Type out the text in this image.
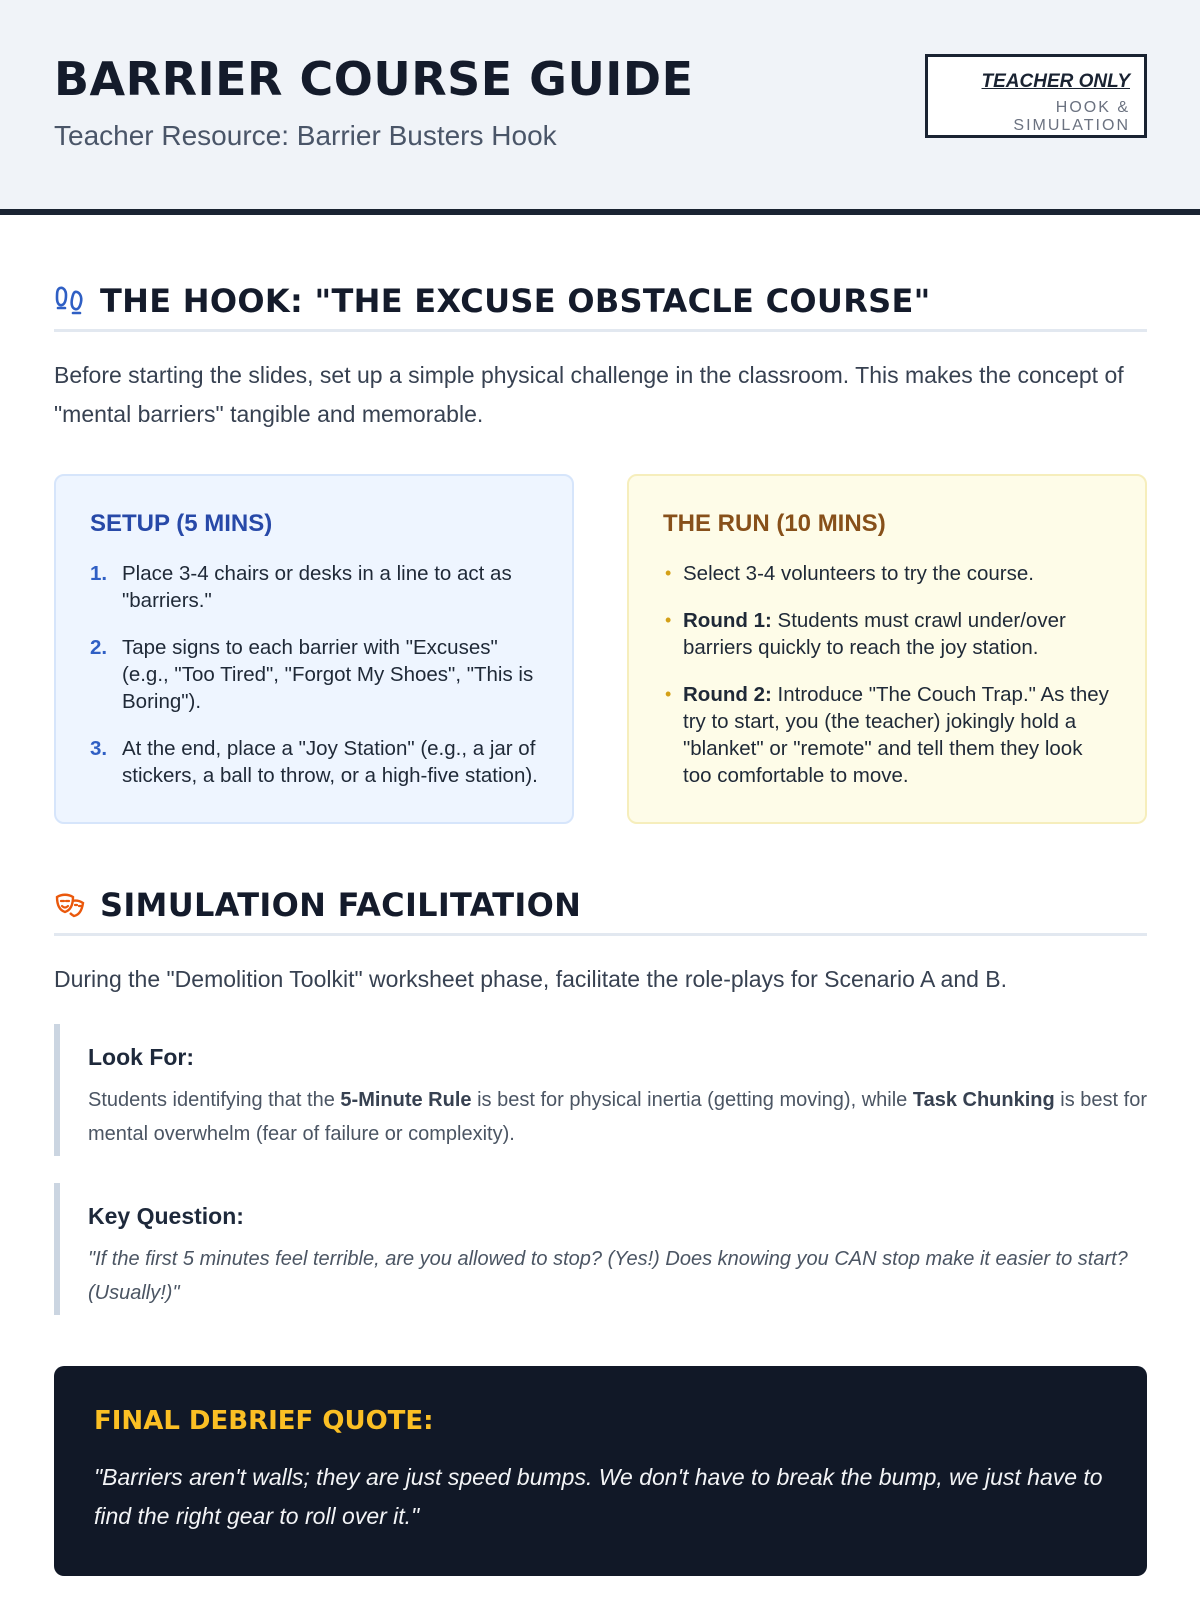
BARRIER COURSE GUIDE
Teacher Resource: Barrier Busters Hook
TEACHER ONLY
HOOK & SIMULATION
THE HOOK: "THE EXCUSE OBSTACLE COURSE"

Before starting the slides, set up a simple physical challenge in the classroom. This makes the concept of "mental barriers" tangible and memorable.

SETUP (5 MINS)
1. Place 3-4 chairs or desks in a line to act as "barriers."
2. Tape signs to each barrier with "Excuses" (e.g., "Too Tired", "Forgot My Shoes", "This is Boring").
3. At the end, place a "Joy Station" (e.g., a jar of stickers, a ball to throw, or a high-five station).
THE RUN (10 MINS)
• Select 3-4 volunteers to try the course.
• Round 1: Students must crawl under/over barriers quickly to reach the joy station.
• Round 2: Introduce "The Couch Trap." As they try to start, you (the teacher) jokingly hold a "blanket" or "remote" and tell them they look too comfortable to move.
SIMULATION FACILITATION

During the "Demolition Toolkit" worksheet phase, facilitate the role-plays for Scenario A and B.

Look For:
Students identifying that the 5-Minute Rule is best for physical inertia (getting moving), while Task Chunking is best for mental overwhelm (fear of failure or complexity).
Key Question:
"If the first 5 minutes feel terrible, are you allowed to stop? (Yes!) Does knowing you CAN stop make it easier to start? (Usually!)"
FINAL DEBRIEF QUOTE:
"Barriers aren't walls; they are just speed bumps. We don't have to break the bump, we just have to find the right gear to roll over it."
